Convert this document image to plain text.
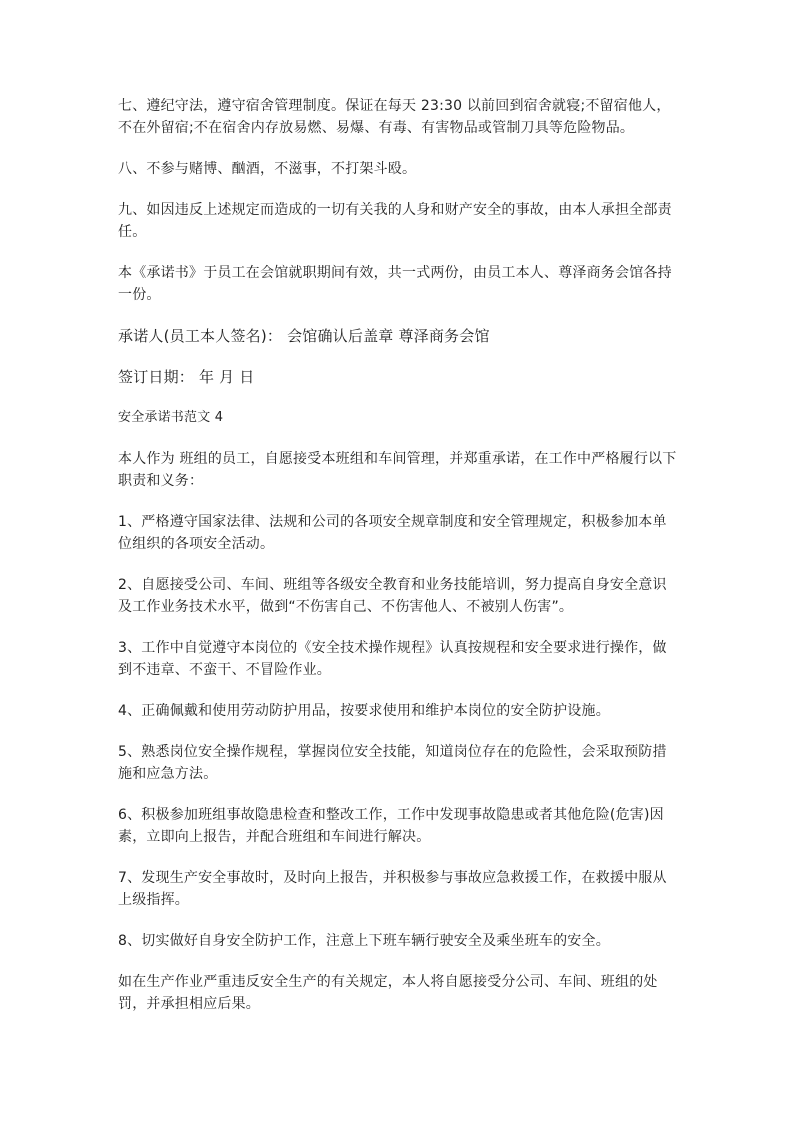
七、遵纪守法，遵守宿舍管理制度。保证在每天 23:30 以前回到宿舍就寝;不留宿他人，不在外留宿;不在宿舍内存放易燃、易爆、有毒、有害物品或管制刀具等危险物品。

八、不参与赌博、酗酒，不滋事，不打架斗殴。

九、如因违反上述规定而造成的一切有关我的人身和财产安全的事故，由本人承担全部责任。

本《承诺书》于员工在会馆就职期间有效，共一式两份，由员工本人、尊泽商务会馆各持一份。

承诺人(员工本人签名)： 会馆确认后盖章 尊泽商务会馆

签订日期： 年 月 日

安全承诺书范文 4

本人作为 班组的员工，自愿接受本班组和车间管理，并郑重承诺，在工作中严格履行以下职责和义务：

1、严格遵守国家法律、法规和公司的各项安全规章制度和安全管理规定，积极参加本单位组织的各项安全活动。

2、自愿接受公司、车间、班组等各级安全教育和业务技能培训，努力提高自身安全意识及工作业务技术水平，做到“不伤害自己、不伤害他人、不被别人伤害”。

3、工作中自觉遵守本岗位的《安全技术操作规程》认真按规程和安全要求进行操作，做到不违章、不蛮干、不冒险作业。

4、正确佩戴和使用劳动防护用品，按要求使用和维护本岗位的安全防护设施。

5、熟悉岗位安全操作规程，掌握岗位安全技能，知道岗位存在的危险性，会采取预防措施和应急方法。

6、积极参加班组事故隐患检查和整改工作，工作中发现事故隐患或者其他危险(危害)因素，立即向上报告，并配合班组和车间进行解决。

7、发现生产安全事故时，及时向上报告，并积极参与事故应急救援工作，在救援中服从上级指挥。

8、切实做好自身安全防护工作，注意上下班车辆行驶安全及乘坐班车的安全。

如在生产作业严重违反安全生产的有关规定，本人将自愿接受分公司、车间、班组的处罚，并承担相应后果。
